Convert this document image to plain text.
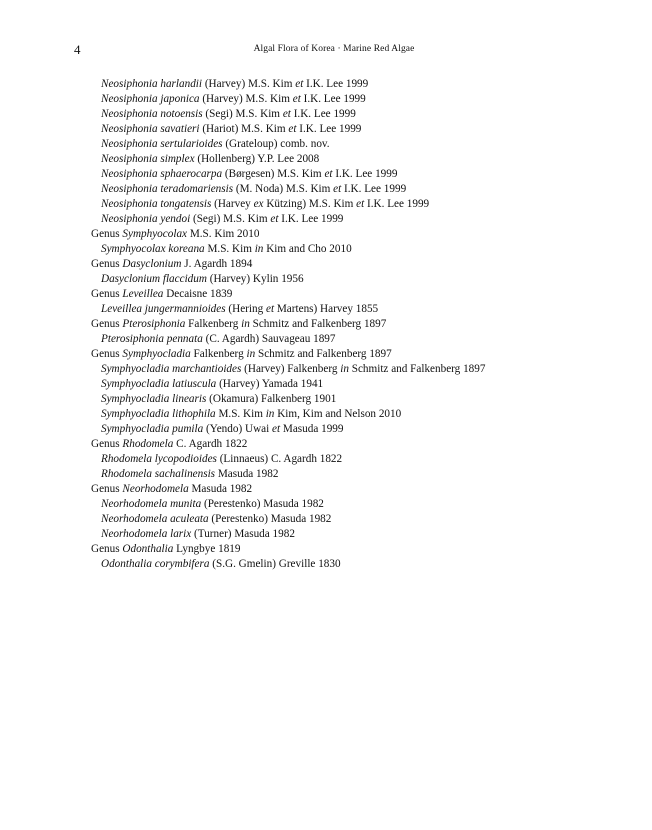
4	Algal Flora of Korea · Marine Red Algae
Neosiphonia harlandii (Harvey) M.S. Kim et I.K. Lee 1999
Neosiphonia japonica (Harvey) M.S. Kim et I.K. Lee 1999
Neosiphonia notoensis (Segi) M.S. Kim et I.K. Lee 1999
Neosiphonia savatieri (Hariot) M.S. Kim et I.K. Lee 1999
Neosiphonia sertularioides (Grateloup) comb. nov.
Neosiphonia simplex (Hollenberg) Y.P. Lee 2008
Neosiphonia sphaerocarpa (Børgesen) M.S. Kim et I.K. Lee 1999
Neosiphonia teradomariensis (M. Noda) M.S. Kim et I.K. Lee 1999
Neosiphonia tongatensis (Harvey ex Kützing) M.S. Kim et I.K. Lee 1999
Neosiphonia yendoi (Segi) M.S. Kim et I.K. Lee 1999
Genus Symphyocolax M.S. Kim 2010
Symphyocolax koreana M.S. Kim in Kim and Cho 2010
Genus Dasyclonium J. Agardh 1894
Dasyclonium flaccidum (Harvey) Kylin 1956
Genus Leveillea Decaisne 1839
Leveillea jungermannioides (Hering et Martens) Harvey 1855
Genus Pterosiphonia Falkenberg in Schmitz and Falkenberg 1897
Pterosiphonia pennata (C. Agardh) Sauvageau 1897
Genus Symphyocladia Falkenberg in Schmitz and Falkenberg 1897
Symphyocladia marchantioides (Harvey) Falkenberg in Schmitz and Falkenberg 1897
Symphyocladia latiuscula (Harvey) Yamada 1941
Symphyocladia linearis (Okamura) Falkenberg 1901
Symphyocladia lithophila M.S. Kim in Kim, Kim and Nelson 2010
Symphyocladia pumila (Yendo) Uwai et Masuda 1999
Genus Rhodomela C. Agardh 1822
Rhodomela lycopodioides (Linnaeus) C. Agardh 1822
Rhodomela sachalinensis Masuda 1982
Genus Neorhodomela Masuda 1982
Neorhodomela munita (Perestenko) Masuda 1982
Neorhodomela aculeata (Perestenko) Masuda 1982
Neorhodomela larix (Turner) Masuda 1982
Genus Odonthalia Lyngbye 1819
Odonthalia corymbifera (S.G. Gmelin) Greville 1830
